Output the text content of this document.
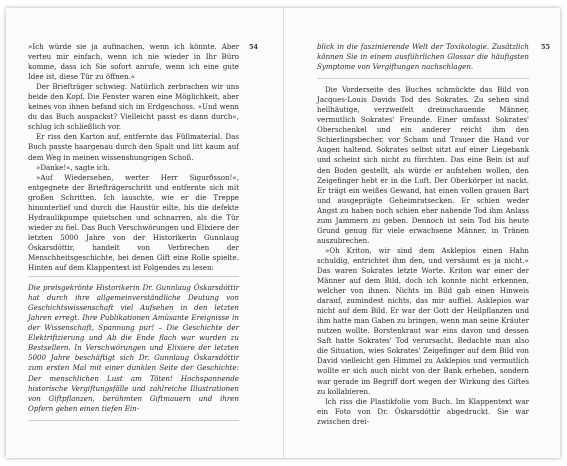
»Ich würde sie ja aufmachen, wenn ich könnte. Aber verteu mir einfach, wenn ich nie wieder in Ihr Büro komme, dass ich Sie sofort anrufe, wenn ich eine gute Idee ist, diese Tür zu öffnen.«

Der Briefträger schwieg. Natürlich zerbrachen wir uns beide den Kopf. Die Fenster waren eine Möglichkeit, aber keines von ihnen befand sich im Erdgeschoss. »Und wenn du das Buch auspackst? Vielleicht passt es dann durch«, schlug ich schließlich vor.

Er riss den Karton auf, entfernte das Füllmaterial. Das Buch passte haargenau durch den Spalt und litt kaum auf dem Weg in meinen wissenshungrigen Schoß.

»Danke!«, sagte ich.

»Auf Wiedersehen, werter Herr Sigurðsson!«, entgegnete der Briefträgerschritt und entfernte sich mit großen Schritten. Ich lauschte, wie er die Treppe hinunterlief und durch die Haustür eilte, bis die defekte Hydraulikpumpe quietschen und schnarren, als die Tür wieder zu fiel. Das Buch Verschwörungen und Elixiere der letzten 5000 Jahre von der Historikerin Gunnlaug Óskarsdóttir, handelt von Verbrechen der Menschheitsgeschichte, bei denen Gift eine Rolle spielte. Hinten auf dem Klappentext ist Folgendes zu lesen:

Die preisgekrönte Historikerin Dr. Gunnlaug Óskarsdóttir hat durch ihre allgemeinverständliche Deutung von Geschichtswissenschaft viel Aufsehen in den letzten Jahren erregt. Ihre Publikationen Amüsante Ereignisse in der Wissenschaft, Spannung pur! – Die Geschichte der Elektrifizierung und Ab die Ende flach war wurden zu Bestsellern. In Verschwörungen und Elixiere der letzten 5000 Jahre beschäftigt sich Dr. Gunnlaug Óskarsdóttir zum ersten Mal mit einer dunklen Seite der Geschichte: Der menschlichen Lust am Töten! Hochspannende historische Vergiftungsfälle und zahlreiche Illustrationen von Giftpflanzen, berühmten Giftmauern und ihren Opfern geben einen tiefen Ein-

54	blick in die faszinierende Welt der Toxikologie. Zusätzlich können Sie in einem ausführlichen Glossar die häufigsten Symptome von Vergiftungen nachschlagen.

Die Vorderseite des Buches schmückte das Bild von Jacques-Louis Davids Tod des Sokrates. Zu sehen sind hellhäutige, verzweifelt dreinschauende Männer, vermutlich Sokrates' Freunde. Einer umfasst Sokrates' Oberschenkel und ein anderer reicht ihm den Schierlingsbecher, vor Scham und Trauer die Hand vor Augen haltend. Sokrates selbst sitzt auf einer Liegebank und scheint sich nicht zu fürchten. Das eine Bein ist auf den Boden gestellt, als würde er aufstehen wollen, den Zeigefinger hebt er in die Luft. Der Oberkörper ist nackt. Er trägt ein weißes Gewand, hat einen vollen grauen Bart und ausgeprägte Geheimratsecken. Er schien weder Angst zu haben noch schien eher nahende Tod ihm Anlass zum Jammern zu geben. Dennoch ist sein Tod bis heute Grund genug für viele erwachsene Männer, in Tränen auszubrechen.

»Oh Kriton, wir sind dem Asklepios einen Hahn schuldig, entrichtet ihm den, und versäumt es ja nicht.« Das waren Sokrates letzte Worte. Kriton war einer der Männer auf dem Bild, doch ich konnte nicht erkennen, welcher von ihnen. Nichts im Bild gab einen Hinweis darauf, zumindest nichts, das mir auffiel. Asklepios war nicht auf dem Bild. Er war der Gott der Heilpflanzen und ihm hatte man Gaben zu bringen, wenn man seine Kräuter nutzen wollte. Borstenkraut war eins davon und dessen Saft hatte Sokrates' Tod verursacht. Bedachte man also die Situation, wies Sokrates' Zeigefinger auf dem Bild von David vielleicht gen Himmel zu Asklepios und vermutlich wollte er sich auch nicht von der Bank erheben, sondern war gerade im Begriff dort wegen der Wirkung des Giftes zu kollabieren.

Ich riss die Plastikfolie vom Buch. Im Klappentext war ein Foto von Dr. Óskarsdóttir abgedruckt. Sie war zwischen drei-

55
